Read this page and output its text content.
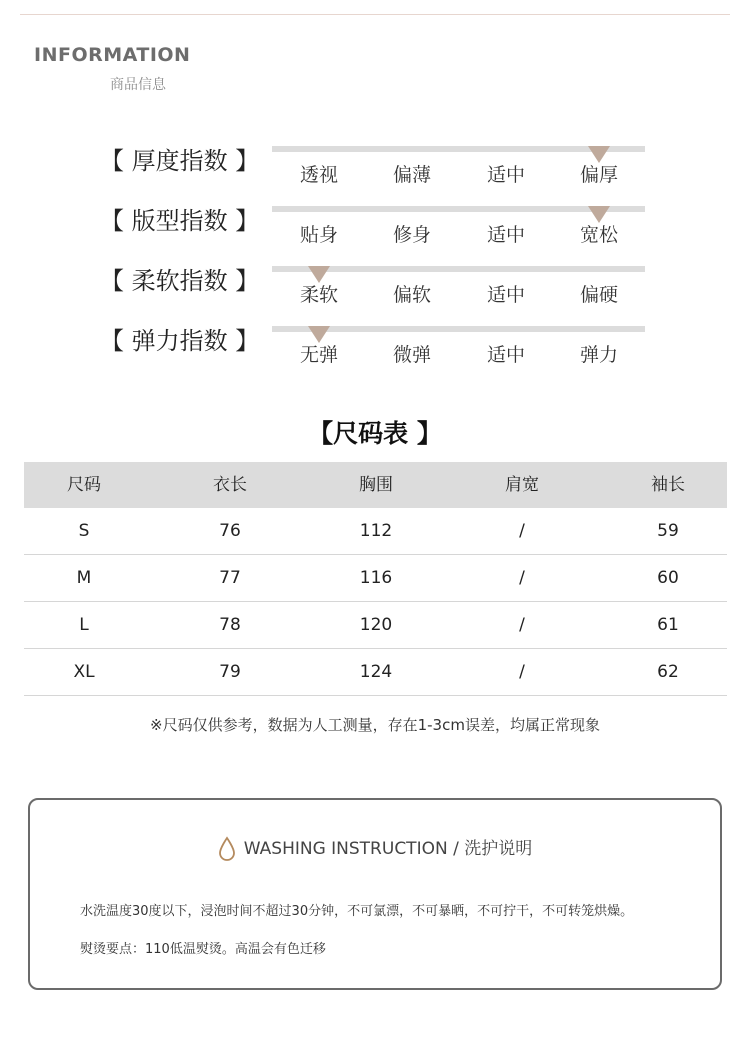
INFORMATION
商品信息
【 厚度指数 】	透视	偏薄	适中	偏厚
【 版型指数 】	贴身	修身	适中	宽松
【 柔软指数 】	柔软	偏软	适中	偏硬
【 弹力指数 】	无弹	微弹	适中	弹力
【尺码表 】
尺码	衣长	胸围	肩宽	袖长
S	76	112	/	59
M	77	116	/	60
L	78	120	/	61
XL	79	124	/	62
※尺码仅供参考，数据为人工测量，存在1-3cm误差，均属正常现象
WASHING INSTRUCTION / 洗护说明
水洗温度30度以下，浸泡时间不超过30分钟，不可氯漂，不可暴晒，不可拧干，不可转笼烘燥。
熨烫要点：110低温熨烫。高温会有色迁移
